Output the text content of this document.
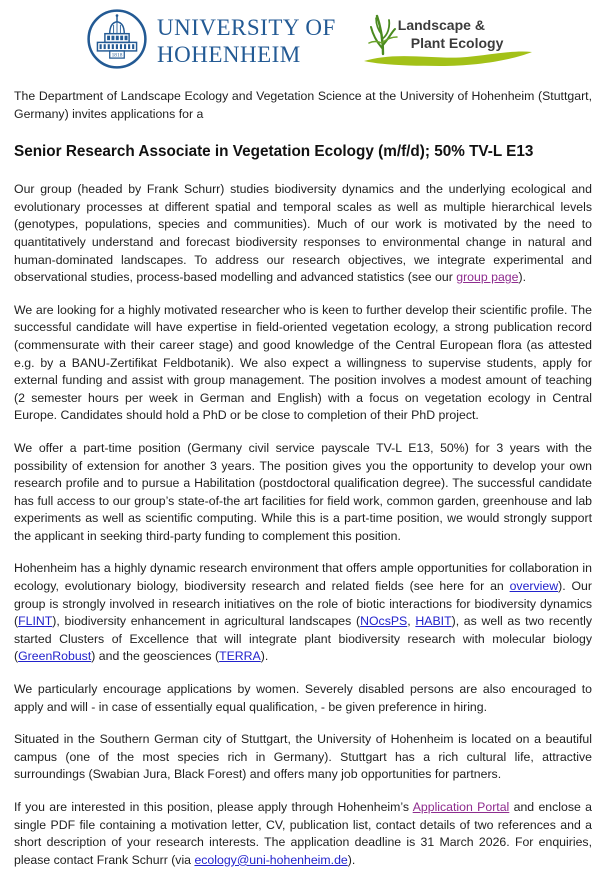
1818
UNIVERSITY OF
HOHENHEIM
Landscape &
Plant Ecology

The Department of Landscape Ecology and Vegetation Science at the University of Hohenheim (Stuttgart, Germany) invites applications for a

Senior Research Associate in Vegetation Ecology (m/f/d); 50% TV-L E13

Our group (headed by Frank Schurr) studies biodiversity dynamics and the underlying ecological and evolutionary processes at different spatial and temporal scales as well as multiple hierarchical levels (genotypes, populations, species and communities). Much of our work is motivated by the need to quantitatively understand and forecast biodiversity responses to environmental change in natural and human-dominated landscapes. To address our research objectives, we integrate experimental and observational studies, process-based modelling and advanced statistics (see our group page).

We are looking for a highly motivated researcher who is keen to further develop their scientific profile. The successful candidate will have expertise in field-oriented vegetation ecology, a strong publication record (commensurate with their career stage) and good knowledge of the Central European flora (as attested e.g. by a BANU-Zertifikat Feldbotanik). We also expect a willingness to supervise students, apply for external funding and assist with group management. The position involves a modest amount of teaching (2 semester hours per week in German and English) with a focus on vegetation ecology in Central Europe. Candidates should hold a PhD or be close to completion of their PhD project.

We offer a part-time position (Germany civil service payscale TV-L E13, 50%) for 3 years with the possibility of extension for another 3 years. The position gives you the opportunity to develop your own research profile and to pursue a Habilitation (postdoctoral qualification degree). The successful candidate has full access to our group’s state-of-the art facilities for field work, common garden, greenhouse and lab experiments as well as scientific computing. While this is a part-time position, we would strongly support the applicant in seeking third-party funding to complement this position.

Hohenheim has a highly dynamic research environment that offers ample opportunities for collaboration in ecology, evolutionary biology, biodiversity research and related fields (see here for an overview). Our group is strongly involved in research initiatives on the role of biotic interactions for biodiversity dynamics (FLINT), biodiversity enhancement in agricultural landscapes (NOcsPS, HABIT), as well as two recently started Clusters of Excellence that will integrate plant biodiversity research with molecular biology (GreenRobust) and the geosciences (TERRA).

We particularly encourage applications by women. Severely disabled persons are also encouraged to apply and will - in case of essentially equal qualification, - be given preference in hiring.

Situated in the Southern German city of Stuttgart, the University of Hohenheim is located on a beautiful campus (one of the most species rich in Germany). Stuttgart has a rich cultural life, attractive surroundings (Swabian Jura, Black Forest) and offers many job opportunities for partners.

If you are interested in this position, please apply through Hohenheim’s Application Portal and enclose a single PDF file containing a motivation letter, CV, publication list, contact details of two references and a short description of your research interests. The application deadline is 31 March 2026. For enquiries, please contact Frank Schurr (via ecology@uni-hohenheim.de).
